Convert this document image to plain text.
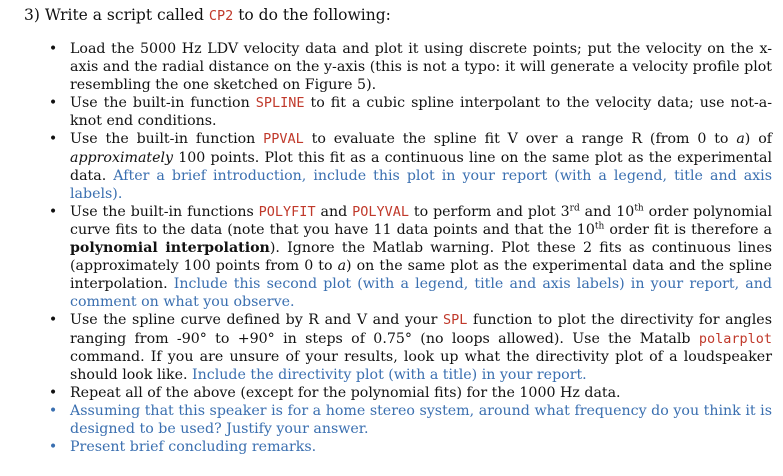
3) Write a script called CP2 to do the following:
• Load the 5000 Hz LDV velocity data and plot it using discrete points; put the velocity on the x-axis and the radial distance on the y-axis (this is not a typo: it will generate a velocity profile plot resembling the one sketched on Figure 5).
• Use the built-in function SPLINE to fit a cubic spline interpolant to the velocity data; use not-a-knot end conditions.
• Use the built-in function PPVAL to evaluate the spline fit V over a range R (from 0 to a) of approximately 100 points. Plot this fit as a continuous line on the same plot as the experimental data. After a brief introduction, include this plot in your report (with a legend, title and axis labels).
• Use the built-in functions POLYFIT and POLYVAL to perform and plot 3rd and 10th order polynomial curve fits to the data (note that you have 11 data points and that the 10th order fit is therefore a polynomial interpolation). Ignore the Matlab warning. Plot these 2 fits as continuous lines (approximately 100 points from 0 to a) on the same plot as the experimental data and the spline interpolation. Include this second plot (with a legend, title and axis labels) in your report, and comment on what you observe.
• Use the spline curve defined by R and V and your SPL function to plot the directivity for angles ranging from -90° to +90° in steps of 0.75° (no loops allowed). Use the Matalb polarplot command. If you are unsure of your results, look up what the directivity plot of a loudspeaker should look like. Include the directivity plot (with a title) in your report.
• Repeat all of the above (except for the polynomial fits) for the 1000 Hz data.
• Assuming that this speaker is for a home stereo system, around what frequency do you think it is designed to be used? Justify your answer.
• Present brief concluding remarks.
